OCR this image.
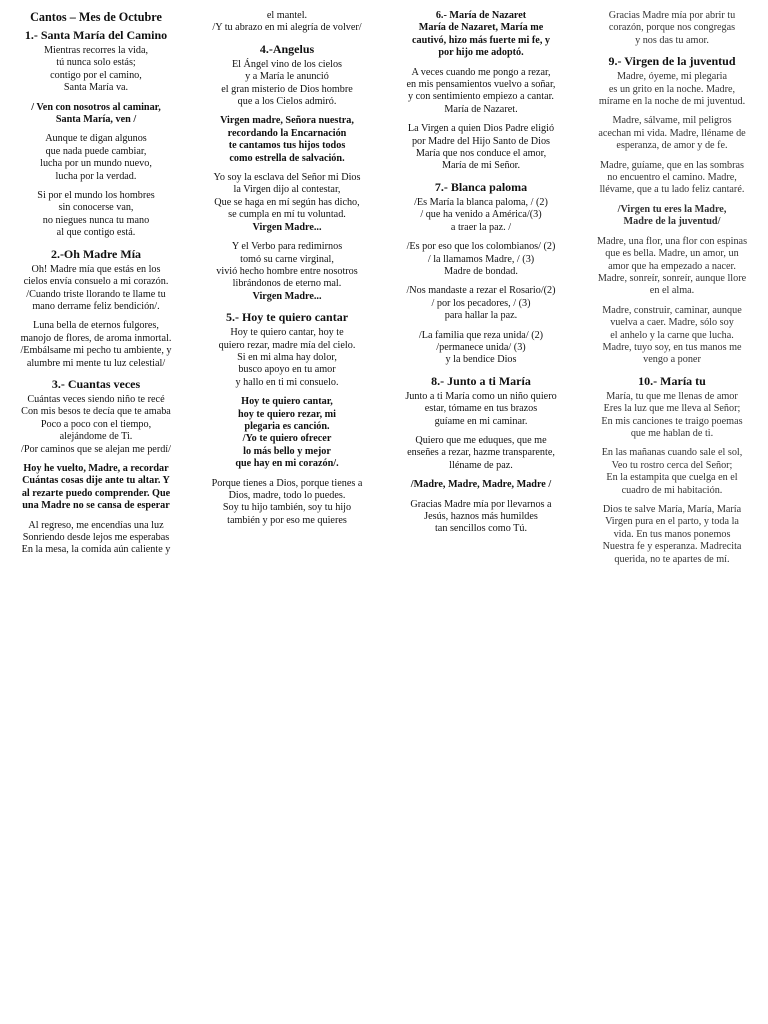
Cantos – Mes de Octubre
1.- Santa María del Camino

Mientras recorres la vida,
tú nunca solo estás;
contigo por el camino,
Santa María va.

/ Ven con nosotros al caminar,
Santa María, ven /

Aunque te digan algunos
que nada puede cambiar,
lucha por un mundo nuevo,
lucha por la verdad.

Si por el mundo los hombres
sin conocerse van,
no niegues nunca tu mano
al que contigo está.

2.-Oh Madre Mía

Oh! Madre mía que estás en los
cielos envía consuelo a mi corazón.
/Cuando triste llorando te llame tu
mano derrame feliz bendición/.

Luna bella de eternos fulgores,
manojo de flores, de aroma inmortal.
/Embálsame mi pecho tu ambiente, y
alumbre mi mente tu luz celestial/

3.- Cuantas veces

Cuántas veces siendo niño te recé
Con mis besos te decía que te amaba
Poco a poco con el tiempo,
alejándome de Ti.
/Por caminos que se alejan me perdí/

Hoy he vuelto, Madre, a recordar
Cuántas cosas dije ante tu altar. Y
al rezarte puedo comprender. Que
una Madre no se cansa de esperar

Al regreso, me encendías una luz
Sonriendo desde lejos me esperabas
En la mesa, la comida aún caliente y

el mantel.
/Y tu abrazo en mi alegría de volver/

4.-Angelus

El Ángel vino de los cielos
y a María le anunció
el gran misterio de Dios hombre
que a los Cielos admiró.

Virgen madre, Señora nuestra,
recordando la Encarnación
te cantamos tus hijos todos
como estrella de salvación.

Yo soy la esclava del Señor mi Dios
la Virgen dijo al contestar,
Que se haga en mí según has dicho,
se cumpla en mí tu voluntad.
Virgen Madre...

Y el Verbo para redimirnos
tomó su carne virginal,
vivió hecho hombre entre nosotros
librándonos de eterno mal.
Virgen Madre...

5.- Hoy te quiero cantar

Hoy te quiero cantar, hoy te
quiero rezar, madre mía del cielo.
Si en mi alma hay dolor,
busco apoyo en tu amor
y hallo en ti mi consuelo.

Hoy te quiero cantar,
hoy te quiero rezar, mi
plegaria es canción.
/Yo te quiero ofrecer
lo más bello y mejor
que hay en mi corazón/.

Porque tienes a Dios, porque tienes a
Dios, madre, todo lo puedes.
Soy tu hijo también, soy tu hijo
también y por eso me quieres

6.- María de Nazaret
María de Nazaret, María me
cautivó, hizo más fuerte mi fe, y
por hijo me adoptó.

A veces cuando me pongo a rezar,
en mis pensamientos vuelvo a soñar,
y con sentimiento empiezo a cantar.
María de Nazaret.

La Virgen a quien Dios Padre eligió
por Madre del Hijo Santo de Dios
María que nos conduce el amor,
María de mi Señor.

7.- Blanca paloma

/Es María la blanca paloma, / (2)
/ que ha venido a América/(3)
a traer la paz. /

/Es por eso que los colombianos/ (2)
/ la llamamos Madre, / (3)
Madre de bondad.

/Nos mandaste a rezar el Rosario/(2)
/ por los pecadores, / (3)
para hallar la paz.

/La familia que reza unida/ (2)
/permanece unida/ (3)
y la bendice Dios

8.- Junto a ti María

Junto a ti María como un niño quiero
estar, tómame en tus brazos
guíame en mi caminar.

Quiero que me eduques, que me
enseñes a rezar, hazme transparente,
lléname de paz.

/Madre, Madre, Madre, Madre /

Gracias Madre mía por llevarnos a
Jesús, haznos más humildes
tan sencillos como Tú.

Gracias Madre mía por abrir tu
corazón, porque nos congregas
y nos das tu amor.

9.- Virgen de la juventud

Madre, óyeme, mi plegaria
es un grito en la noche. Madre,
mírame en la noche de mi juventud.

Madre, sálvame, mil peligros
acechan mi vida. Madre, lléname de
esperanza, de amor y de fe.

Madre, guíame, que en las sombras
no encuentro el camino. Madre,
llévame, que a tu lado feliz cantaré.

/Virgen tu eres la Madre,
Madre de la juventud/

Madre, una flor, una flor con espinas
que es bella. Madre, un amor, un
amor que ha empezado a nacer.
Madre, sonreír, sonreír, aunque llore
en el alma.

Madre, construir, caminar, aunque
vuelva a caer. Madre, sólo soy
el anhelo y la carne que lucha.
Madre, tuyo soy, en tus manos me
vengo a poner

10.- María tu

María, tu que me llenas de amor
Eres la luz que me lleva al Señor;
En mis canciones te traigo poemas
que me hablan de ti.

En las mañanas cuando sale el sol,
Veo tu rostro cerca del Señor;
En la estampita que cuelga en el
cuadro de mi habitación.

Dios te salve María, María, María
Virgen pura en el parto, y toda la
vida. En tus manos ponemos
Nuestra fe y esperanza. Madrecita
querida, no te apartes de mí.
